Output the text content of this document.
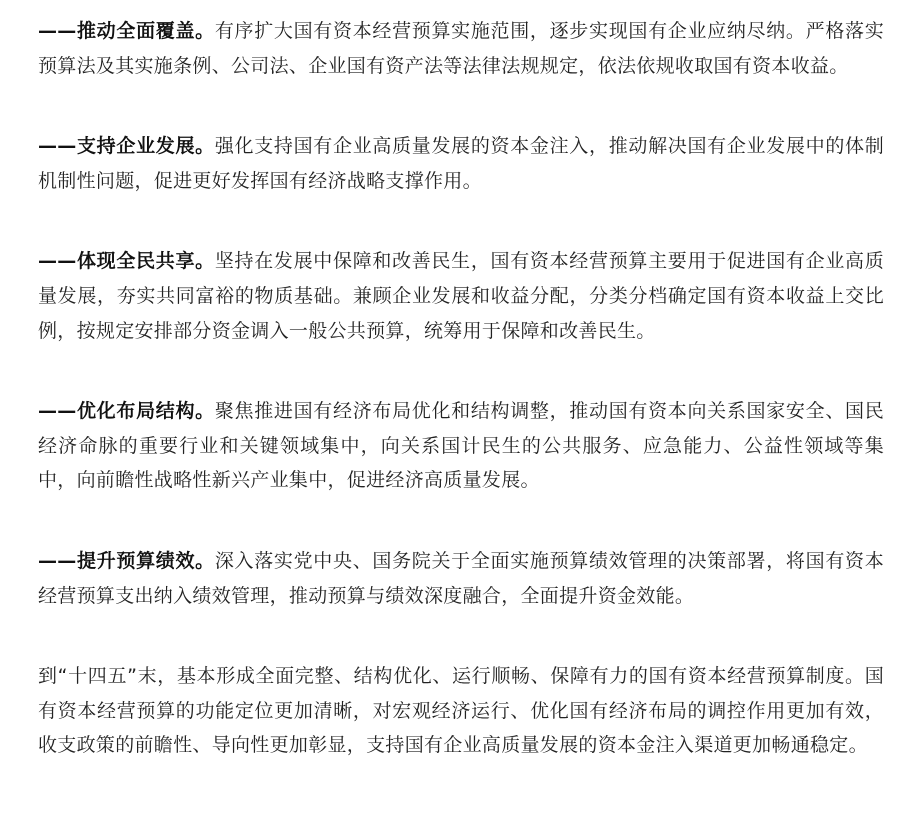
——推动全面覆盖。有序扩大国有资本经营预算实施范围，逐步实现国有企业应纳尽纳。严格落实预算法及其实施条例、公司法、企业国有资产法等法律法规规定，依法依规收取国有资本收益。

——支持企业发展。强化支持国有企业高质量发展的资本金注入，推动解决国有企业发展中的体制机制性问题，促进更好发挥国有经济战略支撑作用。

——体现全民共享。坚持在发展中保障和改善民生，国有资本经营预算主要用于促进国有企业高质量发展，夯实共同富裕的物质基础。兼顾企业发展和收益分配，分类分档确定国有资本收益上交比例，按规定安排部分资金调入一般公共预算，统筹用于保障和改善民生。

——优化布局结构。聚焦推进国有经济布局优化和结构调整，推动国有资本向关系国家安全、国民经济命脉的重要行业和关键领域集中，向关系国计民生的公共服务、应急能力、公益性领域等集中，向前瞻性战略性新兴产业集中，促进经济高质量发展。

——提升预算绩效。深入落实党中央、国务院关于全面实施预算绩效管理的决策部署，将国有资本经营预算支出纳入绩效管理，推动预算与绩效深度融合，全面提升资金效能。

到“十四五”末，基本形成全面完整、结构优化、运行顺畅、保障有力的国有资本经营预算制度。国有资本经营预算的功能定位更加清晰，对宏观经济运行、优化国有经济布局的调控作用更加有效，收支政策的前瞻性、导向性更加彰显，支持国有企业高质量发展的资本金注入渠道更加畅通稳定。
